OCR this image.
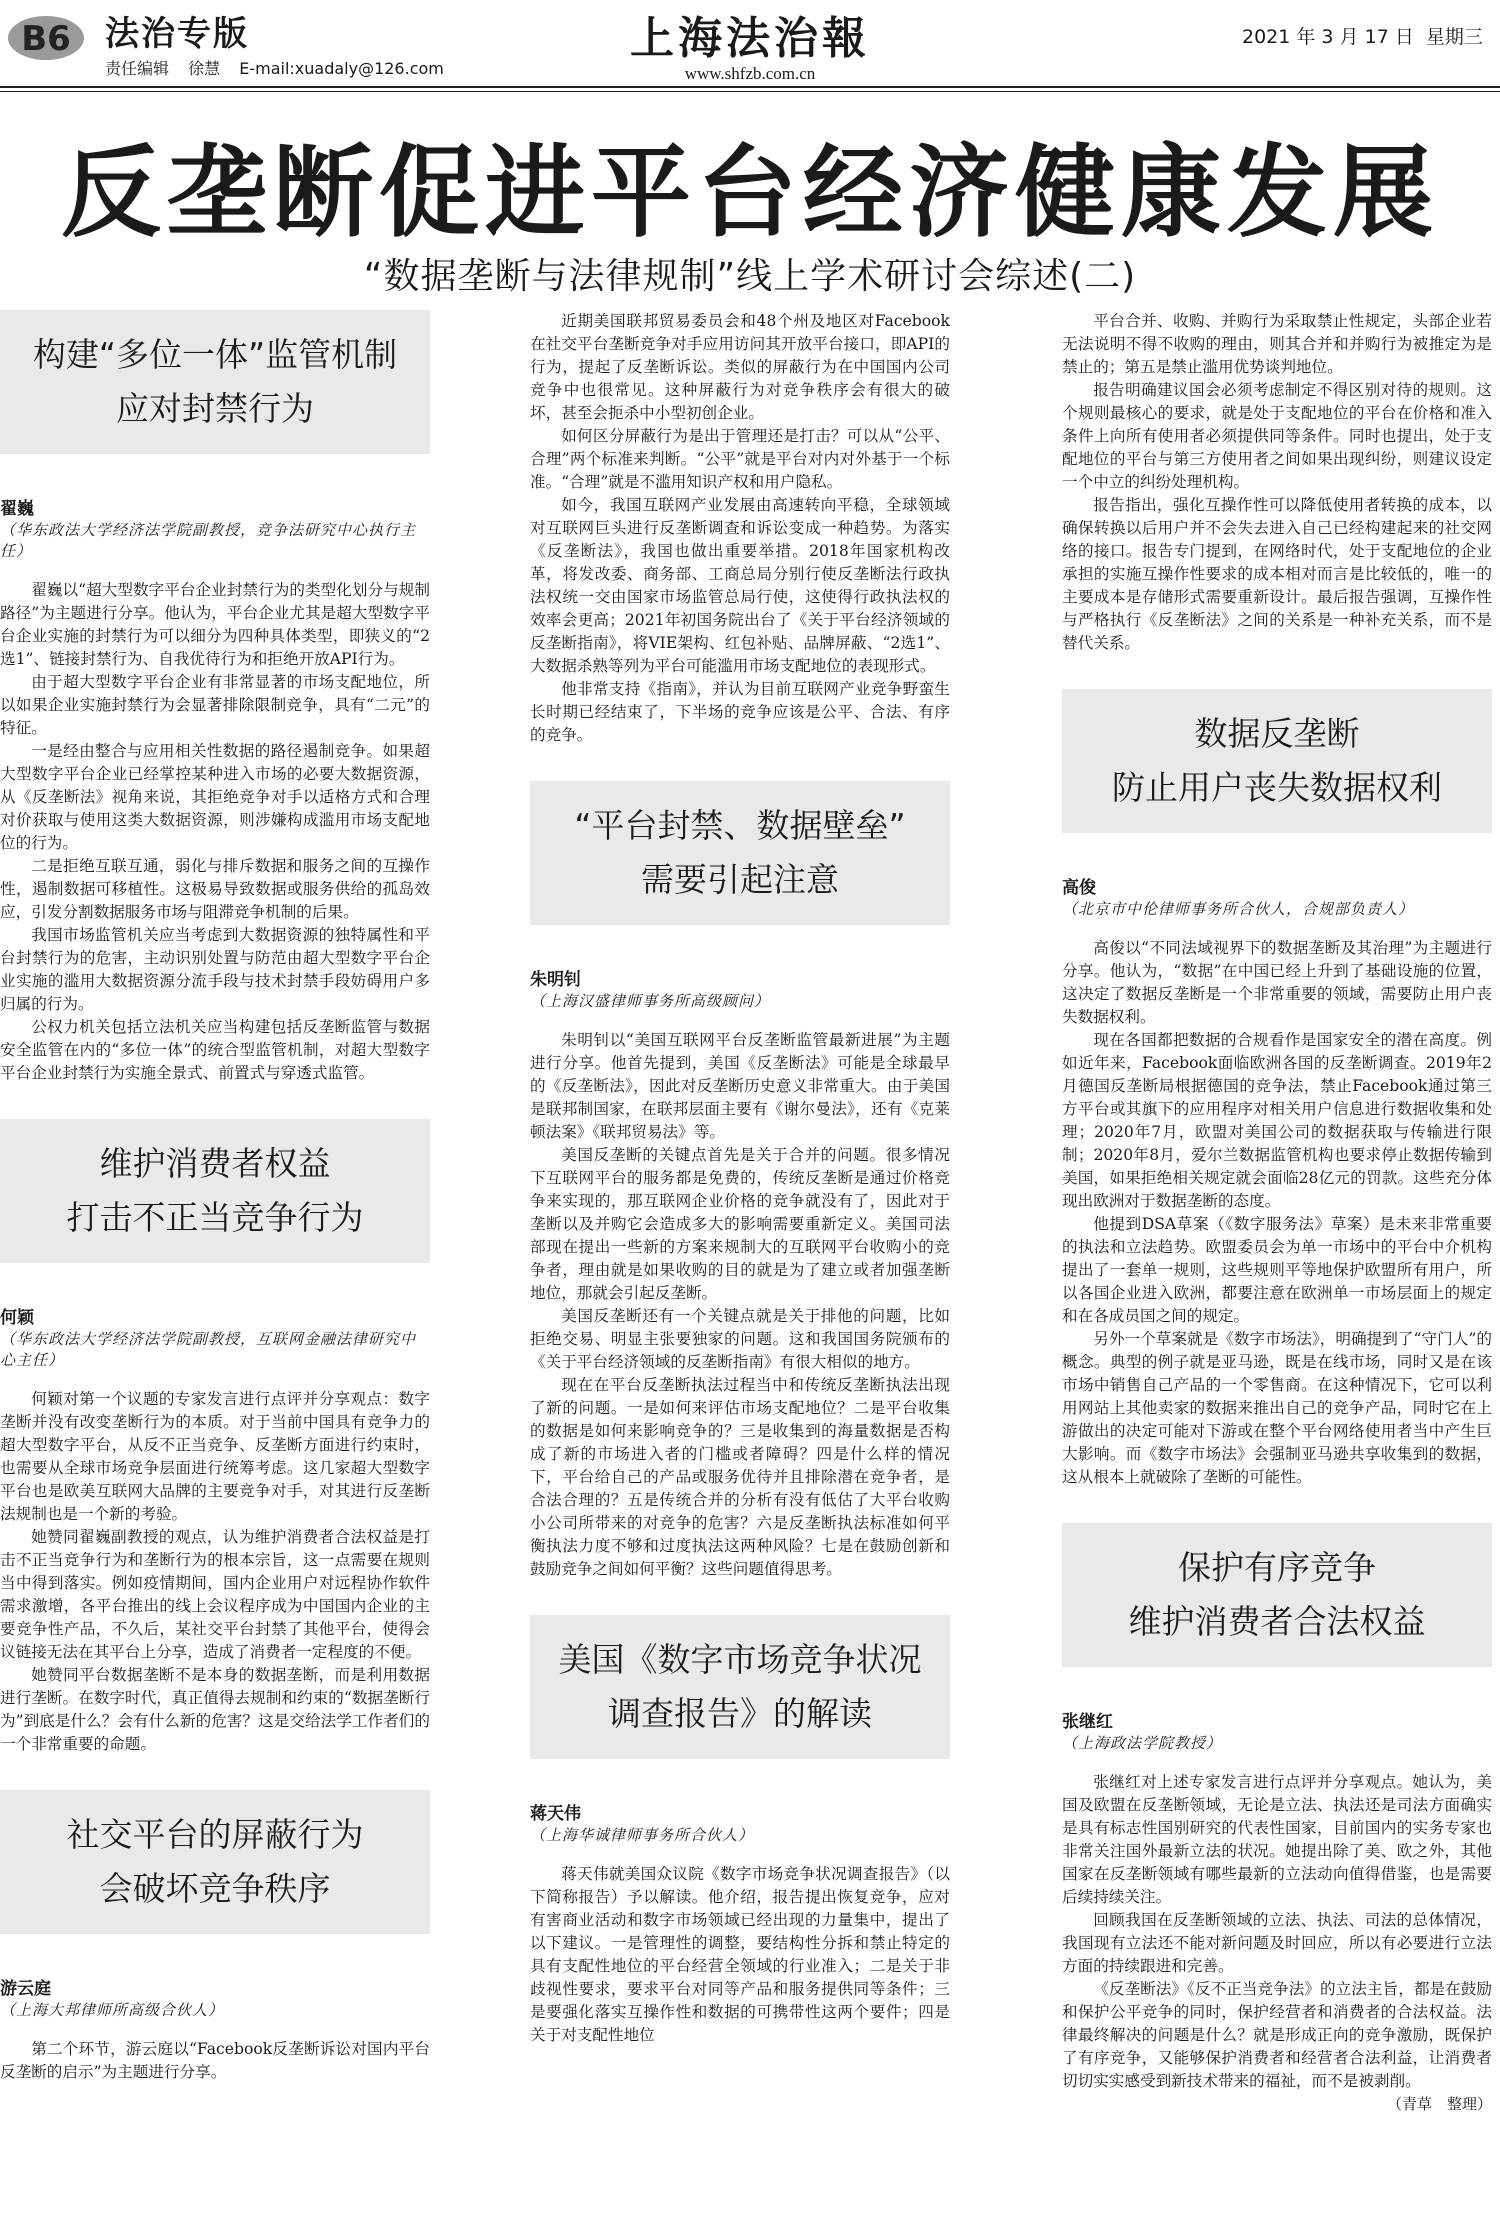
B6 法治专版
责任编辑 徐慧 E-mail:xuadaly@126.com
上海法治報
www.shfzb.com.cn
2021 年 3 月 17 日 星期三
反垄断促进平台经济健康发展
“数据垄断与法律规制”线上学术研讨会综述(二)
构建“多位一体”监管机制
应对封禁行为
翟巍
（华东政法大学经济法学院副教授，竞争法研究中心执行主任）

翟巍以“超大型数字平台企业封禁行为的类型化划分与规制路径”为主题进行分享。他认为，平台企业尤其是超大型数字平台企业实施的封禁行为可以细分为四种具体类型，即狭义的“2选1”、链接封禁行为、自我优待行为和拒绝开放API行为。

由于超大型数字平台企业有非常显著的市场支配地位，所以如果企业实施封禁行为会显著排除限制竞争，具有“二元”的特征。

一是经由整合与应用相关性数据的路径遏制竞争。如果超大型数字平台企业已经掌控某种进入市场的必要大数据资源，从《反垄断法》视角来说，其拒绝竞争对手以适格方式和合理对价获取与使用这类大数据资源，则涉嫌构成滥用市场支配地位的行为。

二是拒绝互联互通，弱化与排斥数据和服务之间的互操作性，遏制数据可移植性。这极易导致数据或服务供给的孤岛效应，引发分割数据服务市场与阻滞竞争机制的后果。

我国市场监管机关应当考虑到大数据资源的独特属性和平台封禁行为的危害，主动识别处置与防范由超大型数字平台企业实施的滥用大数据资源分流手段与技术封禁手段妨碍用户多归属的行为。

公权力机关包括立法机关应当构建包括反垄断监管与数据安全监管在内的“多位一体”的统合型监管机制，对超大型数字平台企业封禁行为实施全景式、前置式与穿透式监管。

维护消费者权益
打击不正当竞争行为
何颖
（华东政法大学经济法学院副教授，互联网金融法律研究中心主任）

何颖对第一个议题的专家发言进行点评并分享观点：数字垄断并没有改变垄断行为的本质。对于当前中国具有竞争力的超大型数字平台，从反不正当竞争、反垄断方面进行约束时，也需要从全球市场竞争层面进行统筹考虑。这几家超大型数字平台也是欧美互联网大品牌的主要竞争对手，对其进行反垄断法规制也是一个新的考验。

她赞同翟巍副教授的观点，认为维护消费者合法权益是打击不正当竞争行为和垄断行为的根本宗旨，这一点需要在规则当中得到落实。例如疫情期间，国内企业用户对远程协作软件需求激增，各平台推出的线上会议程序成为中国国内企业的主要竞争性产品，不久后，某社交平台封禁了其他平台，使得会议链接无法在其平台上分享，造成了消费者一定程度的不便。

她赞同平台数据垄断不是本身的数据垄断，而是利用数据进行垄断。在数字时代，真正值得去规制和约束的“数据垄断行为”到底是什么？会有什么新的危害？这是交给法学工作者们的一个非常重要的命题。

社交平台的屏蔽行为
会破坏竞争秩序
游云庭
（上海大邦律师所高级合伙人）

第二个环节，游云庭以“Facebook反垄断诉讼对国内平台反垄断的启示”为主题进行分享。

近期美国联邦贸易委员会和48个州及地区对Facebook在社交平台垄断竞争对手应用访问其开放平台接口，即API的行为，提起了反垄断诉讼。类似的屏蔽行为在中国国内公司竞争中也很常见。这种屏蔽行为对竞争秩序会有很大的破坏，甚至会扼杀中小型初创企业。

如何区分屏蔽行为是出于管理还是打击？可以从“公平、合理”两个标准来判断。“公平”就是平台对内对外基于一个标准。“合理”就是不滥用知识产权和用户隐私。

如今，我国互联网产业发展由高速转向平稳，全球领域对互联网巨头进行反垄断调查和诉讼变成一种趋势。为落实《反垄断法》，我国也做出重要举措。2018年国家机构改革，将发改委、商务部、工商总局分别行使反垄断法行政执法权统一交由国家市场监管总局行使，这使得行政执法权的效率会更高；2021年初国务院出台了《关于平台经济领域的反垄断指南》，将VIE架构、红包补贴、品牌屏蔽、“2选1”、大数据杀熟等列为平台可能滥用市场支配地位的表现形式。

他非常支持《指南》，并认为目前互联网产业竞争野蛮生长时期已经结束了，下半场的竞争应该是公平、合法、有序的竞争。

“平台封禁、数据壁垒”
需要引起注意
朱明钊
（上海汉盛律师事务所高级顾问）

朱明钊以“美国互联网平台反垄断监管最新进展”为主题进行分享。他首先提到，美国《反垄断法》可能是全球最早的《反垄断法》，因此对反垄断历史意义非常重大。由于美国是联邦制国家，在联邦层面主要有《谢尔曼法》，还有《克莱顿法案》《联邦贸易法》等。

美国反垄断的关键点首先是关于合并的问题。很多情况下互联网平台的服务都是免费的，传统反垄断是通过价格竞争来实现的，那互联网企业价格的竞争就没有了，因此对于垄断以及并购它会造成多大的影响需要重新定义。美国司法部现在提出一些新的方案来规制大的互联网平台收购小的竞争者，理由就是如果收购的目的就是为了建立或者加强垄断地位，那就会引起反垄断。

美国反垄断还有一个关键点就是关于排他的问题，比如拒绝交易、明显主张要独家的问题。这和我国国务院颁布的《关于平台经济领域的反垄断指南》有很大相似的地方。

现在在平台反垄断执法过程当中和传统反垄断执法出现了新的问题。一是如何来评估市场支配地位？二是平台收集的数据是如何来影响竞争的？三是收集到的海量数据是否构成了新的市场进入者的门槛或者障碍？四是什么样的情况下，平台给自己的产品或服务优待并且排除潜在竞争者，是合法合理的？五是传统合并的分析有没有低估了大平台收购小公司所带来的对竞争的危害？六是反垄断执法标准如何平衡执法力度不够和过度执法这两种风险？七是在鼓励创新和鼓励竞争之间如何平衡？这些问题值得思考。

美国《数字市场竞争状况
调查报告》的解读
蒋天伟
（上海华诚律师事务所合伙人）

蒋天伟就美国众议院《数字市场竞争状况调查报告》（以下简称报告）予以解读。他介绍，报告提出恢复竞争，应对有害商业活动和数字市场领域已经出现的力量集中，提出了以下建议。一是管理性的调整，要结构性分拆和禁止特定的具有支配性地位的平台经营全领域的行业准入；二是关于非歧视性要求，要求平台对同等产品和服务提供同等条件；三是要强化落实互操作性和数据的可携带性这两个要件；四是关于对支配性地位

平台合并、收购、并购行为采取禁止性规定，头部企业若无法说明不得不收购的理由，则其合并和并购行为被推定为是禁止的；第五是禁止滥用优势谈判地位。

报告明确建议国会必须考虑制定不得区别对待的规则。这个规则最核心的要求，就是处于支配地位的平台在价格和准入条件上向所有使用者必须提供同等条件。同时也提出，处于支配地位的平台与第三方使用者之间如果出现纠纷，则建议设定一个中立的纠纷处理机构。

报告指出，强化互操作性可以降低使用者转换的成本，以确保转换以后用户并不会失去进入自己已经构建起来的社交网络的接口。报告专门提到，在网络时代，处于支配地位的企业承担的实施互操作性要求的成本相对而言是比较低的，唯一的主要成本是存储形式需要重新设计。最后报告强调，互操作性与严格执行《反垄断法》之间的关系是一种补充关系，而不是替代关系。

数据反垄断
防止用户丧失数据权利
高俊
（北京市中伦律师事务所合伙人，合规部负责人）

高俊以“不同法域视界下的数据垄断及其治理”为主题进行分享。他认为，“数据”在中国已经上升到了基础设施的位置，这决定了数据反垄断是一个非常重要的领域，需要防止用户丧失数据权利。

现在各国都把数据的合规看作是国家安全的潜在高度。例如近年来，Facebook面临欧洲各国的反垄断调查。2019年2月德国反垄断局根据德国的竞争法，禁止Facebook通过第三方平台或其旗下的应用程序对相关用户信息进行数据收集和处理；2020年7月，欧盟对美国公司的数据获取与传输进行限制；2020年8月，爱尔兰数据监管机构也要求停止数据传输到美国，如果拒绝相关规定就会面临28亿元的罚款。这些充分体现出欧洲对于数据垄断的态度。

他提到DSA草案（《数字服务法》草案）是未来非常重要的执法和立法趋势。欧盟委员会为单一市场中的平台中介机构提出了一套单一规则，这些规则平等地保护欧盟所有用户，所以各国企业进入欧洲，都要注意在欧洲单一市场层面上的规定和在各成员国之间的规定。

另外一个草案就是《数字市场法》，明确提到了“守门人”的概念。典型的例子就是亚马逊，既是在线市场，同时又是在该市场中销售自己产品的一个零售商。在这种情况下，它可以利用网站上其他卖家的数据来推出自己的竞争产品，同时它在上游做出的决定可能对下游或在整个平台网络使用者当中产生巨大影响。而《数字市场法》会强制亚马逊共享收集到的数据，这从根本上就破除了垄断的可能性。

保护有序竞争
维护消费者合法权益
张继红
（上海政法学院教授）

张继红对上述专家发言进行点评并分享观点。她认为，美国及欧盟在反垄断领域，无论是立法、执法还是司法方面确实是具有标志性国别研究的代表性国家，目前国内的实务专家也非常关注国外最新立法的状况。她提出除了美、欧之外，其他国家在反垄断领域有哪些最新的立法动向值得借鉴，也是需要后续持续关注。

回顾我国在反垄断领域的立法、执法、司法的总体情况，我国现有立法还不能对新问题及时回应，所以有必要进行立法方面的持续跟进和完善。

《反垄断法》《反不正当竞争法》的立法主旨，都是在鼓励和保护公平竞争的同时，保护经营者和消费者的合法权益。法律最终解决的问题是什么？就是形成正向的竞争激励，既保护了有序竞争，又能够保护消费者和经营者合法利益，让消费者切切实实感受到新技术带来的福祉，而不是被剥削。

（青草　整理）
